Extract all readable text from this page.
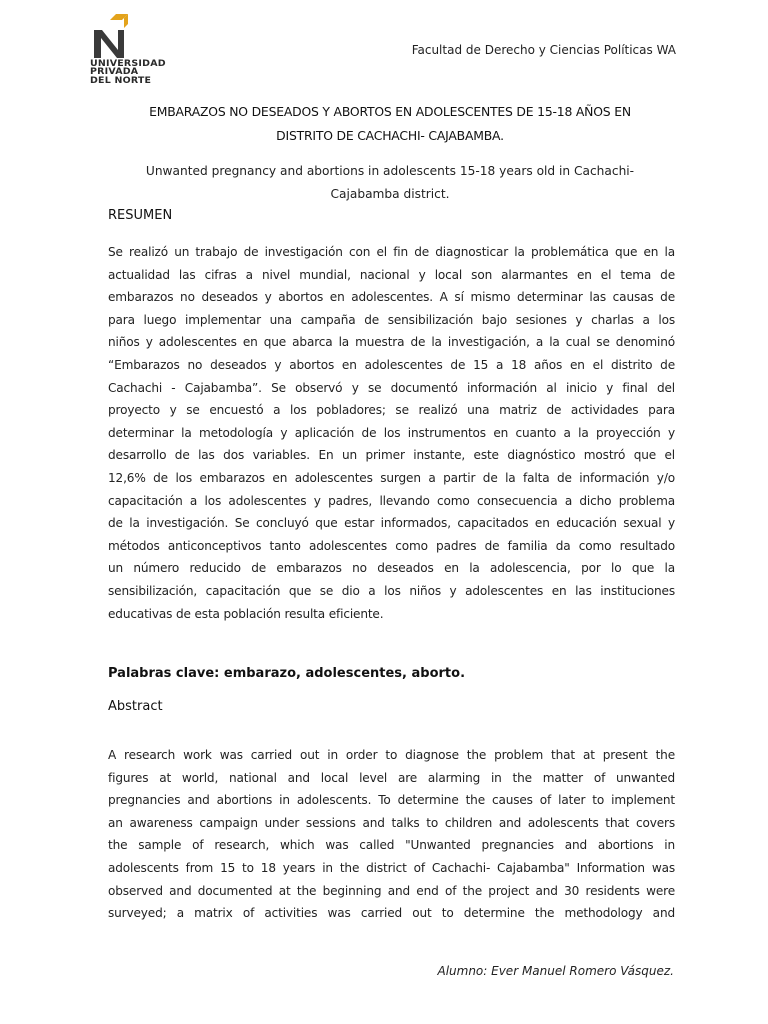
UNIVERSIDAD
PRIVADA
DEL NORTE
Facultad de Derecho y Ciencias Políticas WA
EMBARAZOS NO DESEADOS Y ABORTOS EN ADOLESCENTES DE 15-18 AÑOS EN
DISTRITO DE CACHACHI- CAJABAMBA.
Unwanted pregnancy and abortions in adolescents 15-18 years old in Cachachi-
Cajabamba district.
RESUMEN
Se realizó un trabajo de investigación con el fin de diagnosticar la problemática que en la
actualidad las cifras a nivel mundial, nacional y local son alarmantes en el tema de
embarazos no deseados y abortos en adolescentes. A sí mismo determinar las causas de
para luego implementar una campaña de sensibilización bajo sesiones y charlas a los
niños y adolescentes en que abarca la muestra de la investigación, a la cual se denominó
“Embarazos no deseados y abortos en adolescentes de 15 a 18 años en el distrito de
Cachachi - Cajabamba”. Se observó y se documentó información al inicio y final del
proyecto y se encuestó a los pobladores; se realizó una matriz de actividades para
determinar la metodología y aplicación de los instrumentos en cuanto a la proyección y
desarrollo de las dos variables. En un primer instante, este diagnóstico mostró que el
12,6% de los embarazos en adolescentes surgen a partir de la falta de información y/o
capacitación a los adolescentes y padres, llevando como consecuencia a dicho problema
de la investigación. Se concluyó que estar informados, capacitados en educación sexual y
métodos anticonceptivos tanto adolescentes como padres de familia da como resultado
un número reducido de embarazos no deseados en la adolescencia, por lo que la
sensibilización, capacitación que se dio a los niños y adolescentes en las instituciones
educativas de esta población resulta eficiente.
Palabras clave: embarazo, adolescentes, aborto.
Abstract
A research work was carried out in order to diagnose the problem that at present the
figures at world, national and local level are alarming in the matter of unwanted
pregnancies and abortions in adolescents. To determine the causes of later to implement
an awareness campaign under sessions and talks to children and adolescents that covers
the sample of research, which was called "Unwanted pregnancies and abortions in
adolescents from 15 to 18 years in the district of Cachachi- Cajabamba" Information was
observed and documented at the beginning and end of the project and 30 residents were
surveyed; a matrix of activities was carried out to determine the methodology and
Alumno: Ever Manuel Romero Vásquez.
